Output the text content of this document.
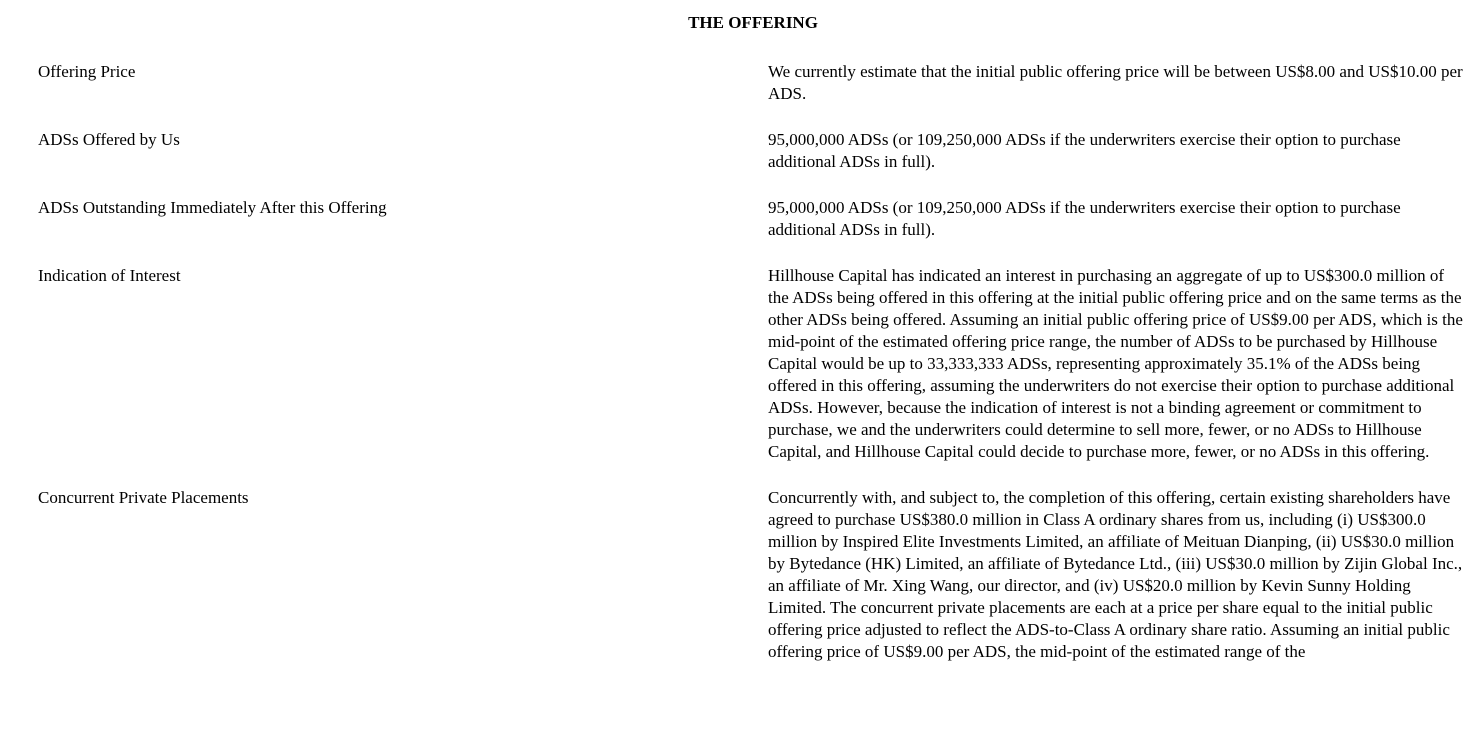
THE OFFERING
Offering Price	We currently estimate that the initial public offering price will be between US$8.00 and US$10.00 per ADS.
ADSs Offered by Us	95,000,000 ADSs (or 109,250,000 ADSs if the underwriters exercise their option to purchase additional ADSs in full).
ADSs Outstanding Immediately After this Offering	95,000,000 ADSs (or 109,250,000 ADSs if the underwriters exercise their option to purchase additional ADSs in full).
Indication of Interest	Hillhouse Capital has indicated an interest in purchasing an aggregate of up to US$300.0 million of the ADSs being offered in this offering at the initial public offering price and on the same terms as the other ADSs being offered. Assuming an initial public offering price of US$9.00 per ADS, which is the mid-point of the estimated offering price range, the number of ADSs to be purchased by Hillhouse Capital would be up to 33,333,333 ADSs, representing approximately 35.1% of the ADSs being offered in this offering, assuming the underwriters do not exercise their option to purchase additional ADSs. However, because the indication of interest is not a binding agreement or commitment to purchase, we and the underwriters could determine to sell more, fewer, or no ADSs to Hillhouse Capital, and Hillhouse Capital could decide to purchase more, fewer, or no ADSs in this offering.
Concurrent Private Placements	Concurrently with, and subject to, the completion of this offering, certain existing shareholders have agreed to purchase US$380.0 million in Class A ordinary shares from us, including (i) US$300.0 million by Inspired Elite Investments Limited, an affiliate of Meituan Dianping, (ii) US$30.0 million by Bytedance (HK) Limited, an affiliate of Bytedance Ltd., (iii) US$30.0 million by Zijin Global Inc., an affiliate of Mr. Xing Wang, our director, and (iv) US$20.0 million by Kevin Sunny Holding Limited. The concurrent private placements are each at a price per share equal to the initial public offering price adjusted to reflect the ADS-to-Class A ordinary share ratio. Assuming an initial public offering price of US$9.00 per ADS, the mid-point of the estimated range of the
